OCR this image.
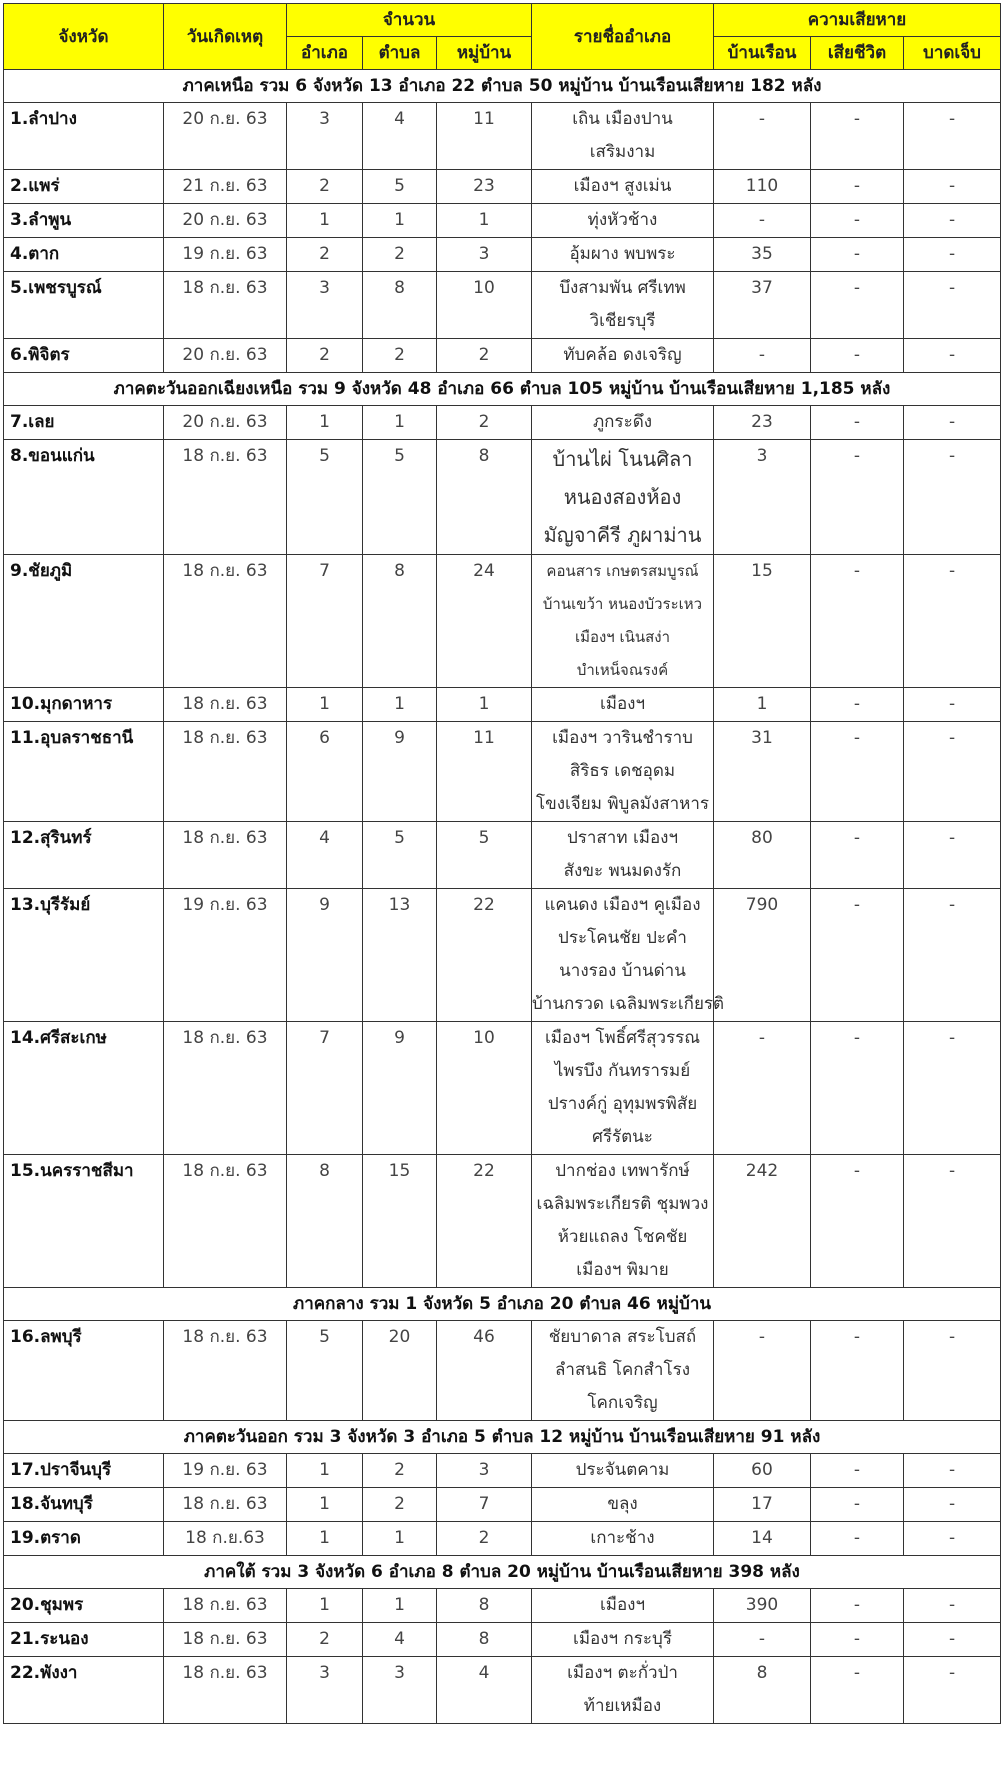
จังหวัด	วันเกิดเหตุ	จำนวน			รายชื่ออำเภอ	ความเสียหาย		
		อำเภอ	ตำบล	หมู่บ้าน		บ้านเรือน	เสียชีวิต	บาดเจ็บ
ภาคเหนือ รวม 6 จังหวัด 13 อำเภอ 22 ตำบล 50 หมู่บ้าน บ้านเรือนเสียหาย 182 หลัง								
1.ลำปาง	20 ก.ย. 63	3	4	11	เถิน เมืองปาน
เสริมงาม	-	-	-
2.แพร่	21 ก.ย. 63	2	5	23	เมืองฯ สูงเม่น	110	-	-
3.ลำพูน	20 ก.ย. 63	1	1	1	ทุ่งหัวช้าง	-	-	-
4.ตาก	19 ก.ย. 63	2	2	3	อุ้มผาง พบพระ	35	-	-
5.เพชรบูรณ์	18 ก.ย. 63	3	8	10	บึงสามพัน ศรีเทพ
วิเชียรบุรี	37	-	-
6.พิจิตร	20 ก.ย. 63	2	2	2	ทับคล้อ ดงเจริญ	-	-	-
ภาคตะวันออกเฉียงเหนือ รวม 9 จังหวัด 48 อำเภอ 66 ตำบล 105 หมู่บ้าน บ้านเรือนเสียหาย 1,185 หลัง								
7.เลย	20 ก.ย. 63	1	1	2	ภูกระดึง	23	-	-
8.ขอนแก่น	18 ก.ย. 63	5	5	8	บ้านไผ่ โนนศิลา
หนองสองห้อง
มัญจาคีรี ภูผาม่าน	3	-	-
9.ชัยภูมิ	18 ก.ย. 63	7	8	24	คอนสาร เกษตรสมบูรณ์
บ้านเขว้า หนองบัวระเหว
เมืองฯ เนินสง่า
บำเหน็จณรงค์	15	-	-
10.มุกดาหาร	18 ก.ย. 63	1	1	1	เมืองฯ	1	-	-
11.อุบลราชธานี	18 ก.ย. 63	6	9	11	เมืองฯ วารินชำราบ
สิริธร เดชอุดม
โขงเจียม พิบูลมังสาหาร	31	-	-
12.สุรินทร์	18 ก.ย. 63	4	5	5	ปราสาท เมืองฯ
สังขะ พนมดงรัก	80	-	-
13.บุรีรัมย์	19 ก.ย. 63	9	13	22	แคนดง เมืองฯ คูเมือง
ประโคนชัย ปะคำ
นางรอง บ้านด่าน
บ้านกรวด เฉลิมพระเกียรติ	790	-	-
14.ศรีสะเกษ	18 ก.ย. 63	7	9	10	เมืองฯ โพธิ์ศรีสุวรรณ
ไพรบึง กันทรารมย์
ปรางค์กู่ อุทุมพรพิสัย
ศรีรัตนะ	-	-	-
15.นครราชสีมา	18 ก.ย. 63	8	15	22	ปากช่อง เทพารักษ์
เฉลิมพระเกียรติ ชุมพวง
ห้วยแถลง โชคชัย
เมืองฯ พิมาย	242	-	-
ภาคกลาง รวม 1 จังหวัด 5 อำเภอ 20 ตำบล 46 หมู่บ้าน								
16.ลพบุรี	18 ก.ย. 63	5	20	46	ชัยบาดาล สระโบสถ์
ลำสนธิ โคกสำโรง
โคกเจริญ	-	-	-
ภาคตะวันออก รวม 3 จังหวัด 3 อำเภอ 5 ตำบล 12 หมู่บ้าน บ้านเรือนเสียหาย 91 หลัง								
17.ปราจีนบุรี	19 ก.ย. 63	1	2	3	ประจันตคาม	60	-	-
18.จันทบุรี	18 ก.ย. 63	1	2	7	ขลุง	17	-	-
19.ตราด	18 ก.ย.63	1	1	2	เกาะช้าง	14	-	-
ภาคใต้ รวม 3 จังหวัด 6 อำเภอ 8 ตำบล 20 หมู่บ้าน บ้านเรือนเสียหาย 398 หลัง								
20.ชุมพร	18 ก.ย. 63	1	1	8	เมืองฯ	390	-	-
21.ระนอง	18 ก.ย. 63	2	4	8	เมืองฯ กระบุรี	-	-	-
22.พังงา	18 ก.ย. 63	3	3	4	เมืองฯ ตะกั่วป่า
ท้ายเหมือง	8	-	-
